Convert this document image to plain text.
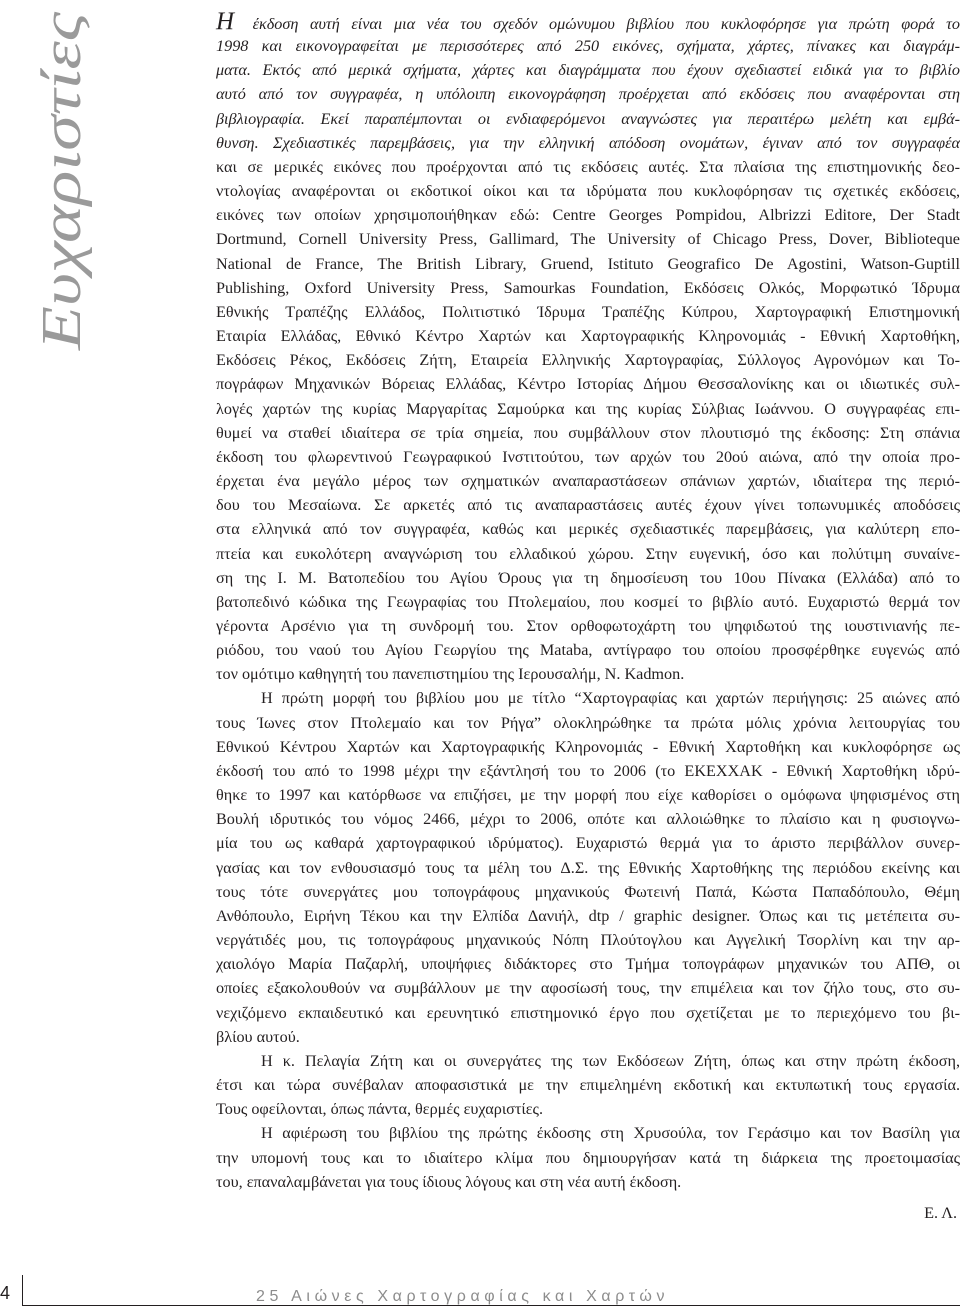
Ευχαριστίες
Η έκδοση αυτή είναι μια νέα του σχεδόν ομώνυμου βιβλίου που κυκλοφόρησε για πρώτη φορά το
1998 και εικονογραφείται με περισσότερες από 250 εικόνες, σχήματα, χάρτες, πίνακες και διαγράμ-
ματα. Εκτός από μερικά σχήματα, χάρτες και διαγράμματα που έχουν σχεδιαστεί ειδικά για το βιβλίο
αυτό από τον συγγραφέα, η υπόλοιπη εικονογράφηση προέρχεται από εκδόσεις που αναφέρονται στη
βιβλιογραφία. Εκεί παραπέμπονται οι ενδιαφερόμενοι αναγνώστες για περαιτέρω μελέτη και εμβά-
θυνση. Σχεδιαστικές παρεμβάσεις, για την ελληνική απόδοση ονομάτων, έγιναν από τον συγγραφέα
και σε μερικές εικόνες που προέρχονται από τις εκδόσεις αυτές. Στα πλαίσια της επιστημονικής δεο-
ντολογίας αναφέρονται οι εκδοτικοί οίκοι και τα ιδρύματα που κυκλοφόρησαν τις σχετικές εκδόσεις,
εικόνες των οποίων χρησιμοποιήθηκαν εδώ: Centre Georges Pompidou, Albrizzi Editore, Der Stadt
Dortmund, Cornell University Press, Gallimard, The University of Chicago Press, Dover, Biblioteque
National de France, The British Library, Gruend, Istituto Geografico De Agostini, Watson-Guptill
Publishing, Oxford University Press, Samourkas Foundation, Εκδόσεις Ολκός, Μορφωτικό Ίδρυμα
Εθνικής Τραπέζης Ελλάδος, Πολιτιστικό Ίδρυμα Τραπέζης Κύπρου, Χαρτογραφική Επιστημονική
Εταιρία Ελλάδας, Εθνικό Κέντρο Χαρτών και Χαρτογραφικής Κληρονομιάς - Εθνική Χαρτοθήκη,
Εκδόσεις Ρέκος, Εκδόσεις Ζήτη, Εταιρεία Ελληνικής Χαρτογραφίας, Σύλλογος Αγρονόμων και Το-
πογράφων Μηχανικών Βόρειας Ελλάδας, Κέντρο Ιστορίας Δήμου Θεσσαλονίκης και οι ιδιωτικές συλ-
λογές χαρτών της κυρίας Μαργαρίτας Σαμούρκα και της κυρίας Σύλβιας Ιωάννου. Ο συγγραφέας επι-
θυμεί να σταθεί ιδιαίτερα σε τρία σημεία, που συμβάλλουν στον πλουτισμό της έκδοσης: Στη σπάνια
έκδοση του φλωρεντινού Γεωγραφικού Ινστιτούτου, των αρχών του 20ού αιώνα, από την οποία προ-
έρχεται ένα μεγάλο μέρος των σχηματικών αναπαραστάσεων σπάνιων χαρτών, ιδιαίτερα της περιό-
δου του Μεσαίωνα. Σε αρκετές από τις αναπαραστάσεις αυτές έχουν γίνει τοπωνυμικές αποδόσεις
στα ελληνικά από τον συγγραφέα, καθώς και μερικές σχεδιαστικές παρεμβάσεις, για καλύτερη επο-
πτεία και ευκολότερη αναγνώριση του ελλαδικού χώρου. Στην ευγενική, όσο και πολύτιμη συναίνε-
ση της Ι. Μ. Βατοπεδίου του Αγίου Όρους για τη δημοσίευση του 10ου Πίνακα (Ελλάδα) από το
βατοπεδινό κώδικα της Γεωγραφίας του Πτολεμαίου, που κοσμεί το βιβλίο αυτό. Ευχαριστώ θερμά τον
γέροντα Αρσένιο για τη συνδρομή του. Στον ορθοφωτοχάρτη του ψηφιδωτού της ιουστινιανής πε-
ριόδου, του ναού του Αγίου Γεωργίου της Mataba, αντίγραφο του οποίου προσφέρθηκε ευγενώς από
τον ομότιμο καθηγητή του πανεπιστημίου της Ιερουσαλήμ, N. Kadmon.
Η πρώτη μορφή του βιβλίου μου με τίτλο “Χαρτογραφίας και χαρτών περιήγησις: 25 αιώνες από
τους Ίωνες στον Πτολεμαίο και τον Ρήγα” ολοκληρώθηκε τα πρώτα μόλις χρόνια λειτουργίας του
Εθνικού Κέντρου Χαρτών και Χαρτογραφικής Κληρονομιάς - Εθνική Χαρτοθήκη και κυκλοφόρησε ως
έκδοσή του από το 1998 μέχρι την εξάντλησή του το 2006 (το ΕΚΕΧΧΑΚ - Εθνική Χαρτοθήκη ιδρύ-
θηκε το 1997 και κατόρθωσε να επιζήσει, με την μορφή που είχε καθορίσει ο ομόφωνα ψηφισμένος στη
Βουλή ιδρυτικός του νόμος 2466, μέχρι το 2006, οπότε και αλλοιώθηκε το πλαίσιο και η φυσιογνω-
μία του ως καθαρά χαρτογραφικού ιδρύματος). Ευχαριστώ θερμά για το άριστο περιβάλλον συνερ-
γασίας και τον ενθουσιασμό τους τα μέλη του Δ.Σ. της Εθνικής Χαρτοθήκης της περιόδου εκείνης και
τους τότε συνεργάτες μου τοπογράφους μηχανικούς Φωτεινή Παπά, Κώστα Παπαδόπουλο, Θέμη
Ανθόπουλο, Ειρήνη Τέκου και την Ελπίδα Δανιήλ, dtp / graphic designer. Όπως και τις μετέπειτα συ-
νεργάτιδές μου, τις τοπογράφους μηχανικούς Νόπη Πλούτογλου και Αγγελική Τσορλίνη και την αρ-
χαιολόγο Μαρία Παζαρλή, υποψήφιες διδάκτορες στο Τμήμα τοπογράφων μηχανικών του ΑΠΘ, οι
οποίες εξακολουθούν να συμβάλλουν με την αφοσίωσή τους, την επιμέλεια και τον ζήλο τους, στο συ-
νεχιζόμενο εκπαιδευτικό και ερευνητικό επιστημονικό έργο που σχετίζεται με το περιεχόμενο του βι-
βλίου αυτού.
Η κ. Πελαγία Ζήτη και οι συνεργάτες της των Εκδόσεων Ζήτη, όπως και στην πρώτη έκδοση,
έτσι και τώρα συνέβαλαν αποφασιστικά με την επιμελημένη εκδοτική και εκτυπωτική τους εργασία.
Τους οφείλονται, όπως πάντα, θερμές ευχαριστίες.
Η αφιέρωση του βιβλίου της πρώτης έκδοσης στη Χρυσούλα, τον Γεράσιμο και τον Βασίλη για
την υπομονή τους και το ιδιαίτερο κλίμα που δημιουργήσαν κατά τη διάρκεια της προετοιμασίας
του, επαναλαμβάνεται για τους ίδιους λόγους και στη νέα αυτή έκδοση.
Ε. Λ.
4	25 Αιώνες Χαρτογραφίας και Χαρτών
